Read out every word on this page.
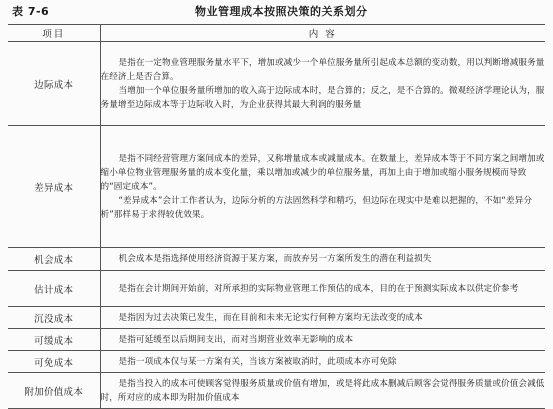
表 7-6	物业管理成本按照决策的关系划分
项目	内 容
边际成本	是指在一定物业管理服务量水平下，增加或减少一个单位服务量所引起成本总额的变动数，用以判断增减服务量在经济上是否合算。

当增加一个单位服务量所增加的收入高于边际成本时，是合算的；反之，是不合算的。微观经济学理论认为，服务量增至边际成本等于边际收入时，为企业获得其最大利润的服务量

差异成本	是指不同经营管理方案间成本的差异，又称增量成本或减量成本。在数量上，差异成本等于不同方案之间增加或缩小单位物业管理服务量的成本变化量，乘以增加或减少的单位服务量，再加上由于增加或缩小服务规模而导致的“固定成本”。

“差异成本”会计工作者认为，边际分析的方法固然科学和精巧，但边际在现实中是难以把握的，不如“差异分析”那样易于求得较优效果。

机会成本	机会成本是指选择使用经济资源于某方案，而放弃另一方案所发生的潜在利益损失

估计成本	是指在会计期间开始前，对所承担的实际物业管理工作预估的成本，目的在于预测实际成本以供定价参考

沉没成本	是指因为过去决策已发生，而在目前和未来无论实行何种方案均无法改变的成本

可缓成本	是指可延缓至以后期间支出，而对当期营业效率无影响的成本

可免成本	是指一项成本仅与某一方案有关，当该方案被取消时，此项成本亦可免除

附加价值成本	是指当投入的成本可使顾客觉得服务质量或价值有增加，或是将此成本删减后顾客会觉得服务质量或价值会减低时，所对应的成本即为附加价值成本
